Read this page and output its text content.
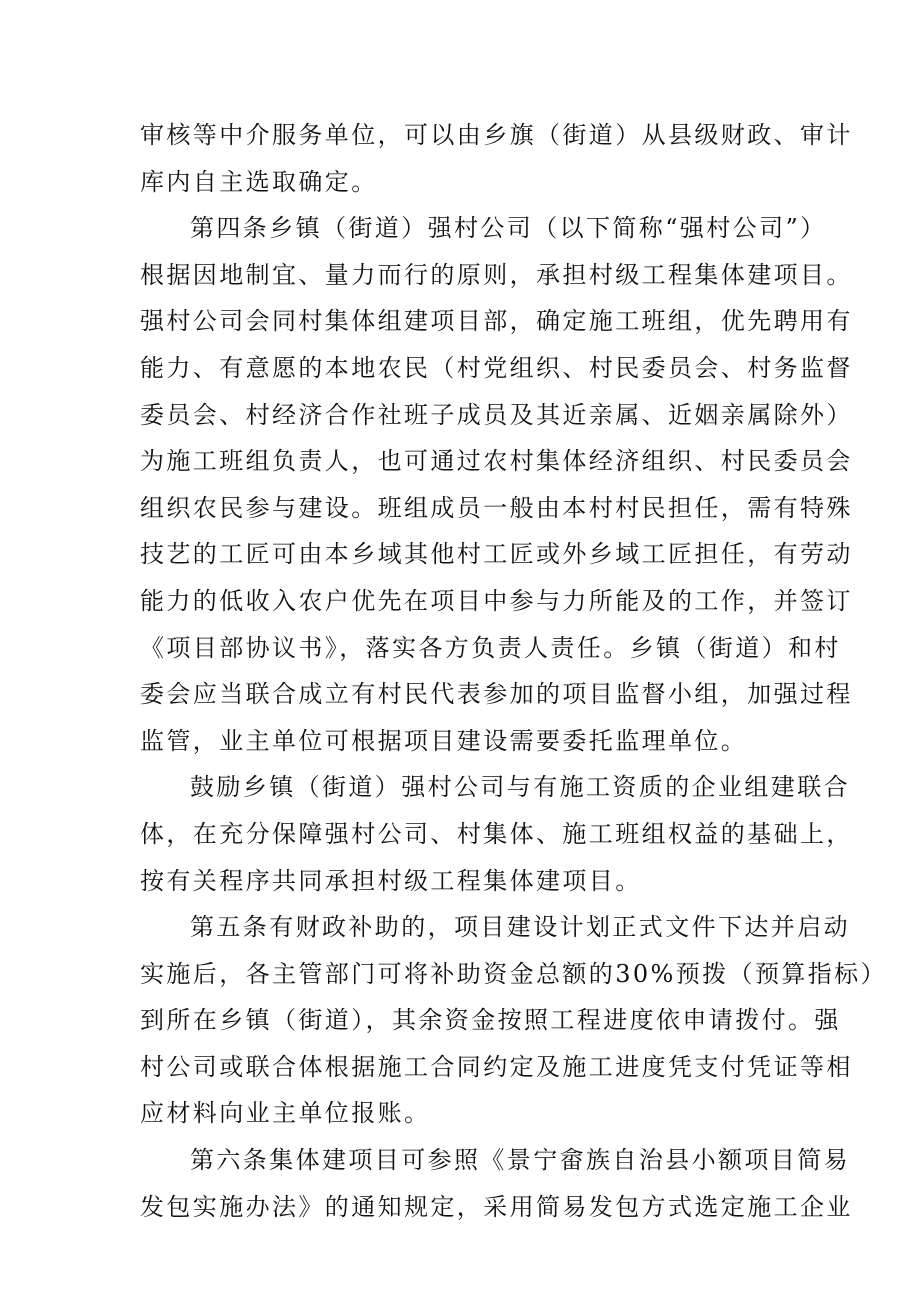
审核等中介服务单位，可以由乡旗（街道）从县级财政、审计
库内自主选取确定。
第四条乡镇（街道）强村公司（以下简称“强村公司”）
根据因地制宜、量力而行的原则，承担村级工程集体建项目。
强村公司会同村集体组建项目部，确定施工班组，优先聘用有
能力、有意愿的本地农民（村党组织、村民委员会、村务监督
委员会、村经济合作社班子成员及其近亲属、近姻亲属除外）
为施工班组负责人，也可通过农村集体经济组织、村民委员会
组织农民参与建设。班组成员一般由本村村民担任，需有特殊
技艺的工匠可由本乡域其他村工匠或外乡域工匠担任，有劳动
能力的低收入农户优先在项目中参与力所能及的工作，并签订
《项目部协议书》，落实各方负责人责任。乡镇（街道）和村
委会应当联合成立有村民代表参加的项目监督小组，加强过程
监管，业主单位可根据项目建设需要委托监理单位。
鼓励乡镇（街道）强村公司与有施工资质的企业组建联合
体，在充分保障强村公司、村集体、施工班组权益的基础上，
按有关程序共同承担村级工程集体建项目。
第五条有财政补助的，项目建设计划正式文件下达并启动
实施后，各主管部门可将补助资金总额的30%预拨（预算指标）
到所在乡镇（街道），其余资金按照工程进度依申请拨付。强
村公司或联合体根据施工合同约定及施工进度凭支付凭证等相
应材料向业主单位报账。
第六条集体建项目可参照《景宁畲族自治县小额项目简易
发包实施办法》的通知规定，采用简易发包方式选定施工企业
